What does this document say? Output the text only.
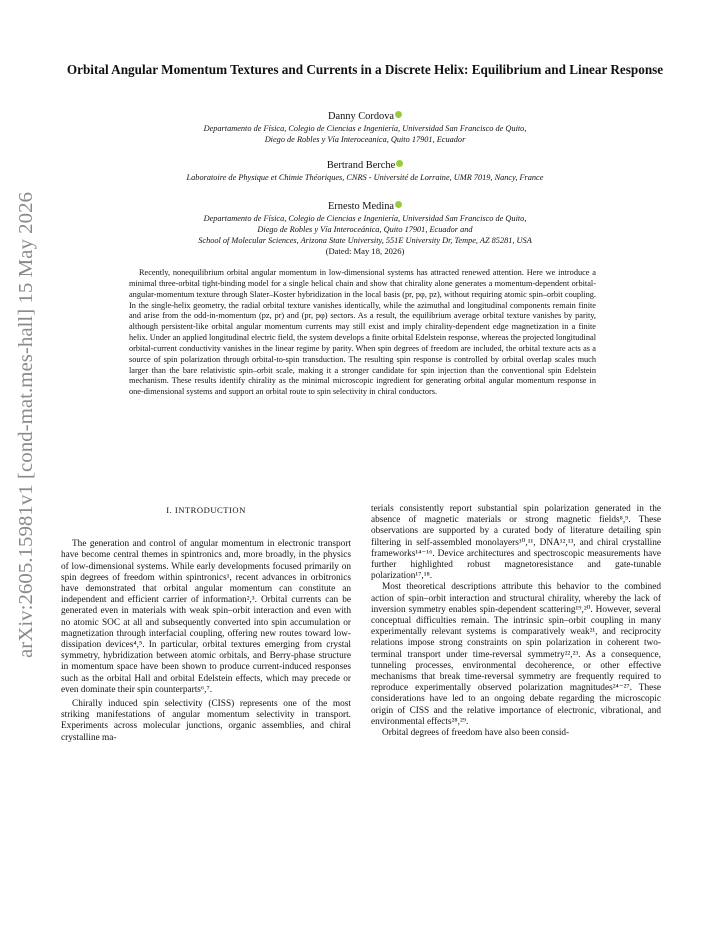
arXiv:2605.15981v1 [cond-mat.mes-hall] 15 May 2026
Orbital Angular Momentum Textures and Currents in a Discrete Helix: Equilibrium and Linear Response
Danny Cordova
Departamento de Física, Colegio de Ciencias e Ingeniería, Universidad San Francisco de Quito,
Diego de Robles y Vía Interoceanica, Quito 17901, Ecuador
Bertrand Berche
Laboratoire de Physique et Chimie Théoriques, CNRS - Université de Lorraine, UMR 7019, Nancy, France
Ernesto Medina
Departamento de Física, Colegio de Ciencias e Ingeniería, Universidad San Francisco de Quito,
Diego de Robles y Vía Interoceánica, Quito 17901, Ecuador and
School of Molecular Sciences, Arizona State University, 551E University Dr, Tempe, AZ 85281, USA
(Dated: May 18, 2026)

Recently, nonequilibrium orbital angular momentum in low-dimensional systems has attracted renewed attention. Here we introduce a minimal three-orbital tight-binding model for a single helical chain and show that chirality alone generates a momentum-dependent orbital-angular-momentum texture through Slater–Koster hybridization in the local basis (pr, pφ, pz), without requiring atomic spin–orbit coupling. In the single-helix geometry, the radial orbital texture vanishes identically, while the azimuthal and longitudinal components remain finite and arise from the odd-in-momentum (pz, pr) and (pr, pφ) sectors. As a result, the equilibrium average orbital texture vanishes by parity, although persistent-like orbital angular momentum currents may still exist and imply chirality-dependent edge magnetization in a finite helix. Under an applied longitudinal electric field, the system develops a finite orbital Edelstein response, whereas the projected longitudinal orbital-current conductivity vanishes in the linear regime by parity. When spin degrees of freedom are included, the orbital texture acts as a source of spin polarization through orbital-to-spin transduction. The resulting spin response is controlled by orbital overlap scales much larger than the bare relativistic spin–orbit scale, making it a stronger candidate for spin injection than the conventional spin Edelstein mechanism. These results identify chirality as the minimal microscopic ingredient for generating orbital angular momentum response in one-dimensional systems and support an orbital route to spin selectivity in chiral conductors.

I. INTRODUCTION

The generation and control of angular momentum in electronic transport have become central themes in spintronics and, more broadly, in the physics of low-dimensional systems. While early developments focused primarily on spin degrees of freedom within spintronics¹, recent advances in orbitronics have demonstrated that orbital angular momentum can constitute an independent and efficient carrier of information²,³. Orbital currents can be generated even in materials with weak spin–orbit interaction and even with no atomic SOC at all and subsequently converted into spin accumulation or magnetization through interfacial coupling, offering new routes toward low-dissipation devices⁴,⁵. In particular, orbital textures emerging from crystal symmetry, hybridization between atomic orbitals, and Berry-phase structure in momentum space have been shown to produce current-induced responses such as the orbital Hall and orbital Edelstein effects, which may precede or even dominate their spin counterparts⁶,⁷.

Chirally induced spin selectivity (CISS) represents one of the most striking manifestations of angular momentum selectivity in transport. Experiments across molecular junctions, organic assemblies, and chiral crystalline ma-

terials consistently report substantial spin polarization generated in the absence of magnetic materials or strong magnetic fields⁸,⁹. These observations are supported by a curated body of literature detailing spin filtering in self-assembled monolayers¹⁰,¹¹, DNA¹²,¹³, and chiral crystalline frameworks¹⁴⁻¹⁶. Device architectures and spectroscopic measurements have further highlighted robust magnetoresistance and gate-tunable polarization¹⁷,¹⁸.

Most theoretical descriptions attribute this behavior to the combined action of spin–orbit interaction and structural chirality, whereby the lack of inversion symmetry enables spin-dependent scattering¹⁹,²⁰. However, several conceptual difficulties remain. The intrinsic spin–orbit coupling in many experimentally relevant systems is comparatively weak²¹, and reciprocity relations impose strong constraints on spin polarization in coherent two-terminal transport under time-reversal symmetry²²,²³. As a consequence, tunneling processes, environmental decoherence, or other effective mechanisms that break time-reversal symmetry are frequently required to reproduce experimentally observed polarization magnitudes²⁴⁻²⁷. These considerations have led to an ongoing debate regarding the microscopic origin of CISS and the relative importance of electronic, vibrational, and environmental effects²⁸,²⁹.

Orbital degrees of freedom have also been consid-
